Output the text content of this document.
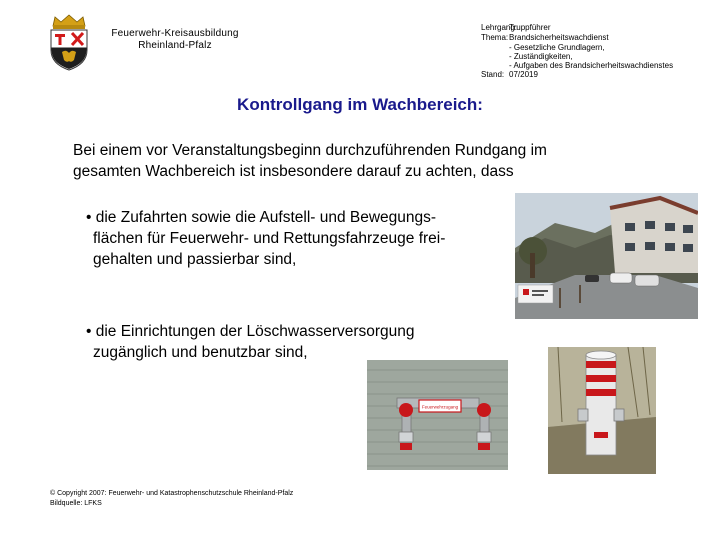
Feuerwehr-Kreisausbildung
Rheinland-Pfalz
Lehrgang:
Truppführer
Thema: Brandsicherheitswachdienst
- Gesetzliche Grundlagern,
- Zuständigkeiten,
- Aufgaben des Brandsicherheitswachdienstes
Stand: 07/2019
Kontrollgang im Wachbereich:
Bei einem vor Veranstaltungsbeginn durchzuführenden Rundgang im
gesamten Wachbereich ist insbesondere darauf zu achten, dass
• die Zufahrten sowie die Aufstell- und Bewegungs-
flächen für Feuerwehr- und Rettungsfahrzeuge frei-
gehalten und passierbar sind,
• die Einrichtungen der Löschwasserversorgung
zugänglich und benutzbar sind,
Feuerwehrzugang
© Copyright 2007: Feuerwehr- und Katastrophenschutzschule Rheinland-Pfalz
Bildquelle: LFKS
